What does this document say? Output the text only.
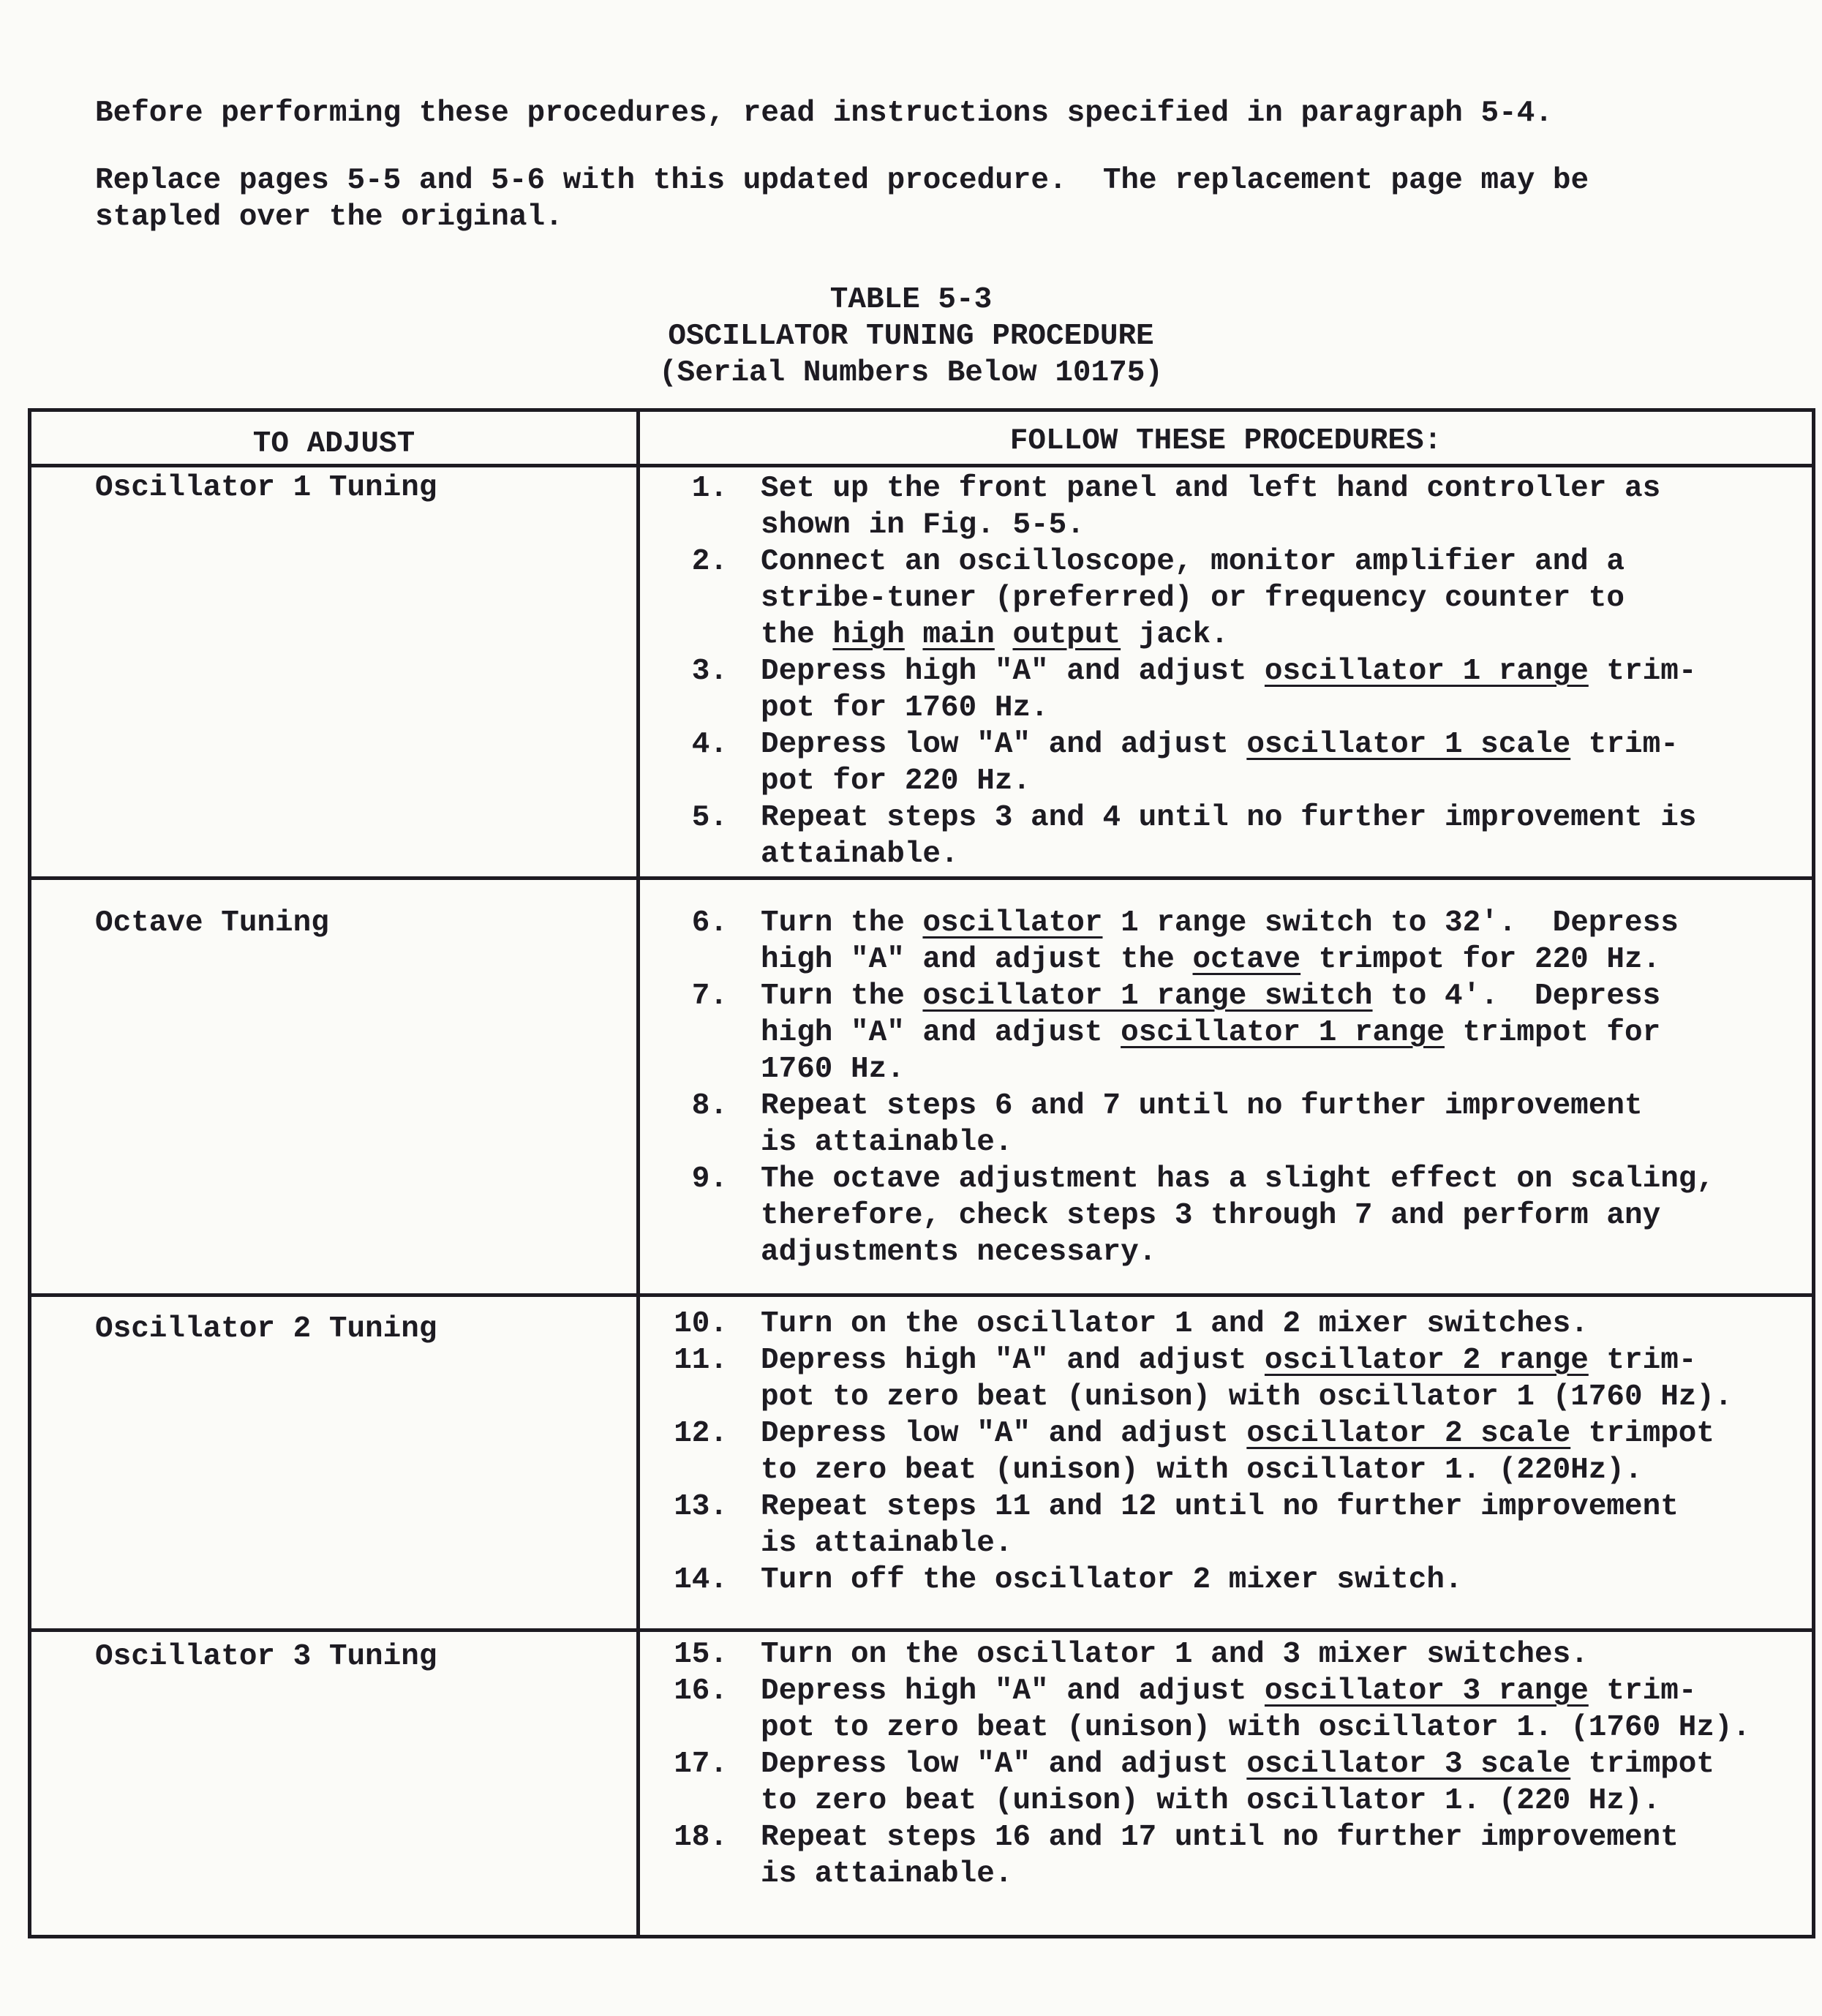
Before performing these procedures, read instructions specified in paragraph 5-4.
Replace pages 5-5 and 5-6 with this updated procedure.  The replacement page may be
stapled over the original.
TABLE 5-3
OSCILLATOR TUNING PROCEDURE
(Serial Numbers Below 10175)
TO ADJUST	FOLLOW THESE PROCEDURES:
Oscillator 1 Tuning
Octave Tuning
Oscillator 2 Tuning
Oscillator 3 Tuning
1. Set up the front panel and left hand controller as
shown in Fig. 5-5.
2. Connect an oscilloscope, monitor amplifier and a
stribe-tuner (preferred) or frequency counter to
the high main output jack.
3. Depress high "A" and adjust oscillator 1 range trim-
pot for 1760 Hz.
4. Depress low "A" and adjust oscillator 1 scale trim-
pot for 220 Hz.
5. Repeat steps 3 and 4 until no further improvement is
attainable.
6. Turn the oscillator 1 range switch to 32'.  Depress
high "A" and adjust the octave trimpot for 220 Hz.
7. Turn the oscillator 1 range switch to 4'.  Depress
high "A" and adjust oscillator 1 range trimpot for
1760 Hz.
8. Repeat steps 6 and 7 until no further improvement
is attainable.
9. The octave adjustment has a slight effect on scaling,
therefore, check steps 3 through 7 and perform any
adjustments necessary.
10. Turn on the oscillator 1 and 2 mixer switches.
11. Depress high "A" and adjust oscillator 2 range trim-
pot to zero beat (unison) with oscillator 1 (1760 Hz).
12. Depress low "A" and adjust oscillator 2 scale trimpot
to zero beat (unison) with oscillator 1. (220Hz).
13. Repeat steps 11 and 12 until no further improvement
is attainable.
14. Turn off the oscillator 2 mixer switch.
15. Turn on the oscillator 1 and 3 mixer switches.
16. Depress high "A" and adjust oscillator 3 range trim-
pot to zero beat (unison) with oscillator 1. (1760 Hz).
17. Depress low "A" and adjust oscillator 3 scale trimpot
to zero beat (unison) with oscillator 1. (220 Hz).
18. Repeat steps 16 and 17 until no further improvement
is attainable.
